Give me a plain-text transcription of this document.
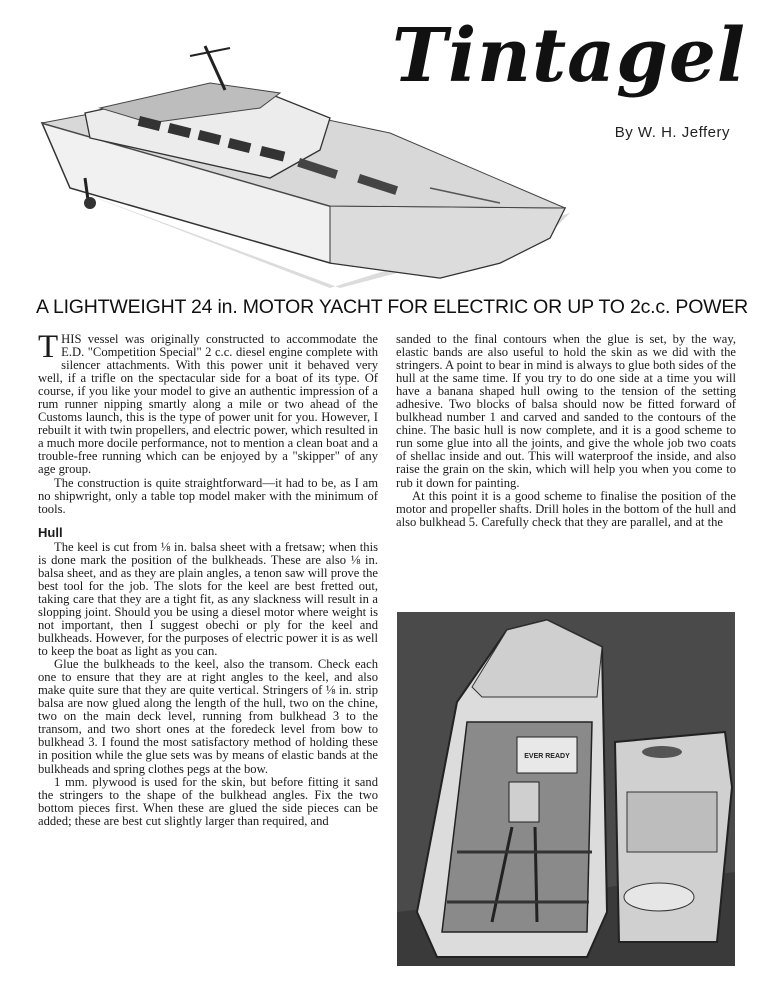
Tintagel
By W. H. Jeffery
A LIGHTWEIGHT 24 in. MOTOR YACHT FOR ELECTRIC OR UP TO 2c.c. POWER

THIS vessel was originally constructed to accommodate the E.D. "Competition Special" 2 c.c. diesel engine complete with silencer attachments. With this power unit it behaved very well, if a trifle on the spectacular side for a boat of its type. Of course, if you like your model to give an authentic impression of a rum runner nipping smartly along a mile or two ahead of the Customs launch, this is the type of power unit for you. However, I rebuilt it with twin propellers, and electric power, which resulted in a much more docile performance, not to mention a clean boat and a trouble-free running which can be enjoyed by a "skipper" of any age group.

The construction is quite straightforward—it had to be, as I am no shipwright, only a table top model maker with the minimum of tools.

Hull

The keel is cut from ⅛ in. balsa sheet with a fretsaw; when this is done mark the position of the bulkheads. These are also ⅛ in. balsa sheet, and as they are plain angles, a tenon saw will prove the best tool for the job. The slots for the keel are best fretted out, taking care that they are a tight fit, as any slackness will result in a slopping joint. Should you be using a diesel motor where weight is not important, then I suggest obechi or ply for the keel and bulkheads. However, for the purposes of electric power it is as well to keep the boat as light as you can.

Glue the bulkheads to the keel, also the transom. Check each one to ensure that they are at right angles to the keel, and also make quite sure that they are quite vertical. Stringers of ⅛ in. strip balsa are now glued along the length of the hull, two on the chine, two on the main deck level, running from bulkhead 3 to the transom, and two short ones at the foredeck level from bow to bulkhead 3. I found the most satisfactory method of holding these in position while the glue sets was by means of elastic bands at the bulkheads and spring clothes pegs at the bow.

1 mm. plywood is used for the skin, but before fitting it sand the stringers to the shape of the bulkhead angles. Fix the two bottom pieces first. When these are glued the side pieces can be added; these are best cut slightly larger than required, and

sanded to the final contours when the glue is set, by the way, elastic bands are also useful to hold the skin as we did with the stringers. A point to bear in mind is always to glue both sides of the hull at the same time. If you try to do one side at a time you will have a banana shaped hull owing to the tension of the setting adhesive. Two blocks of balsa should now be fitted forward of bulkhead number 1 and carved and sanded to the contours of the chine. The basic hull is now complete, and it is a good scheme to run some glue into all the joints, and give the whole job two coats of shellac inside and out. This will waterproof the inside, and also raise the grain on the skin, which will help you when you come to rub it down for painting.

At this point it is a good scheme to finalise the position of the motor and propeller shafts. Drill holes in the bottom of the hull and also bulkhead 5. Carefully check that they are parallel, and at the

EVER READY
